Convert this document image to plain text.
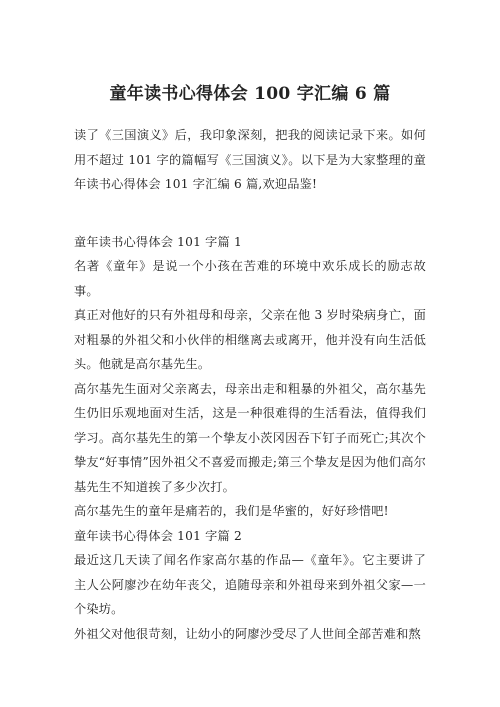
童年读书心得体会 100 字汇编 6 篇

读了《三国演义》后，我印象深刻，把我的阅读记录下来。如何用不超过 101 字的篇幅写《三国演义》。以下是为大家整理的童年读书心得体会 101 字汇编 6 篇,欢迎品鉴!

童年读书心得体会 101 字篇 1

名著《童年》是说一个小孩在苦难的环境中欢乐成长的励志故事。

真正对他好的只有外祖母和母亲，父亲在他 3 岁时染病身亡，面对粗暴的外祖父和小伙伴的相继离去或离开，他并没有向生活低头。他就是高尔基先生。

高尔基先生面对父亲离去，母亲出走和粗暴的外祖父，高尔基先生仍旧乐观地面对生活，这是一种很难得的生活看法，值得我们学习。高尔基先生的第一个挚友小茨冈因吞下钉子而死亡;其次个挚友“好事情”因外祖父不喜爱而搬走;第三个挚友是因为他们高尔基先生不知道挨了多少次打。

高尔基先生的童年是痛若的，我们是华蜜的，好好珍惜吧!

童年读书心得体会 101 字篇 2

最近这几天读了闻名作家高尔基的作品—《童年》。它主要讲了主人公阿廖沙在幼年丧父，追随母亲和外祖母来到外祖父家—一个染坊。

外祖父对他很苛刻，让幼小的阿廖沙受尽了人世间全部苦难和熬
